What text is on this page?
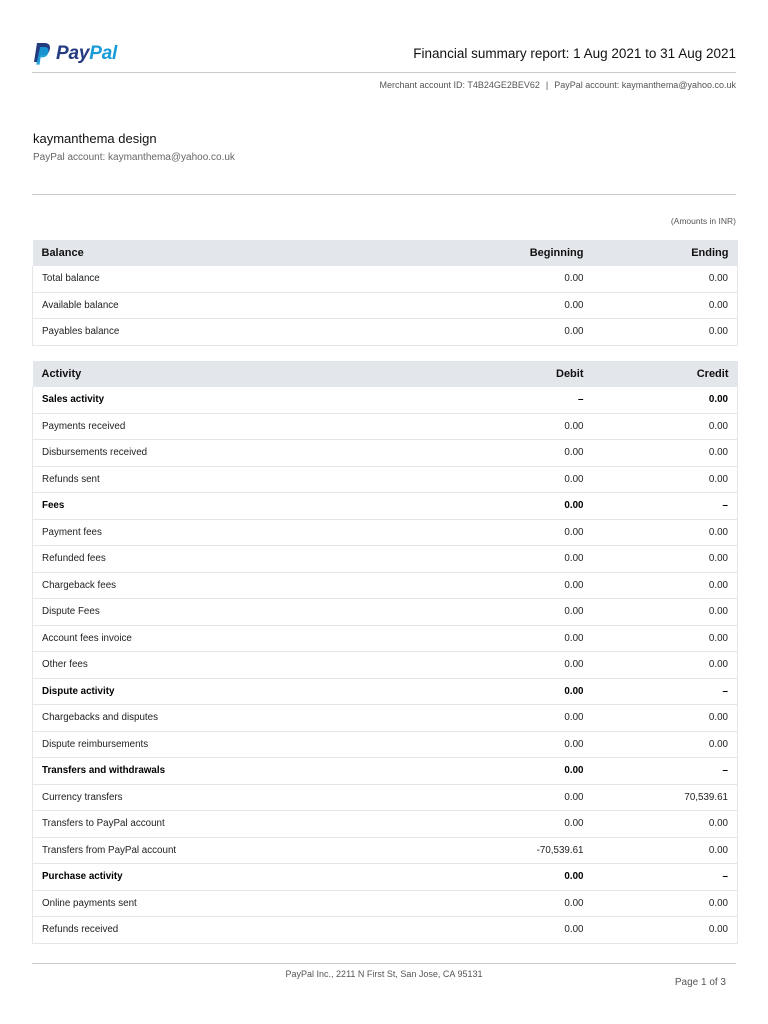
PayPal	Financial summary report: 1 Aug 2021 to 31 Aug 2021
Merchant account ID: T4B24GE2BEV62 | PayPal account: kaymanthema@yahoo.co.uk
kaymanthema design
PayPal account: kaymanthema@yahoo.co.uk
(Amounts in INR)
Balance	Beginning	Ending
Total balance	0.00	0.00
Available balance	0.00	0.00
Payables balance	0.00	0.00
Activity	Debit	Credit
Sales activity	–	0.00
Payments received	0.00	0.00
Disbursements received	0.00	0.00
Refunds sent	0.00	0.00
Fees	0.00	–
Payment fees	0.00	0.00
Refunded fees	0.00	0.00
Chargeback fees	0.00	0.00
Dispute Fees	0.00	0.00
Account fees invoice	0.00	0.00
Other fees	0.00	0.00
Dispute activity	0.00	–
Chargebacks and disputes	0.00	0.00
Dispute reimbursements	0.00	0.00
Transfers and withdrawals	0.00	–
Currency transfers	0.00	70,539.61
Transfers to PayPal account	0.00	0.00
Transfers from PayPal account	-70,539.61	0.00
Purchase activity	0.00	–
Online payments sent	0.00	0.00
Refunds received	0.00	0.00
PayPal Inc., 2211 N First St, San Jose, CA 95131
Page 1 of 3
